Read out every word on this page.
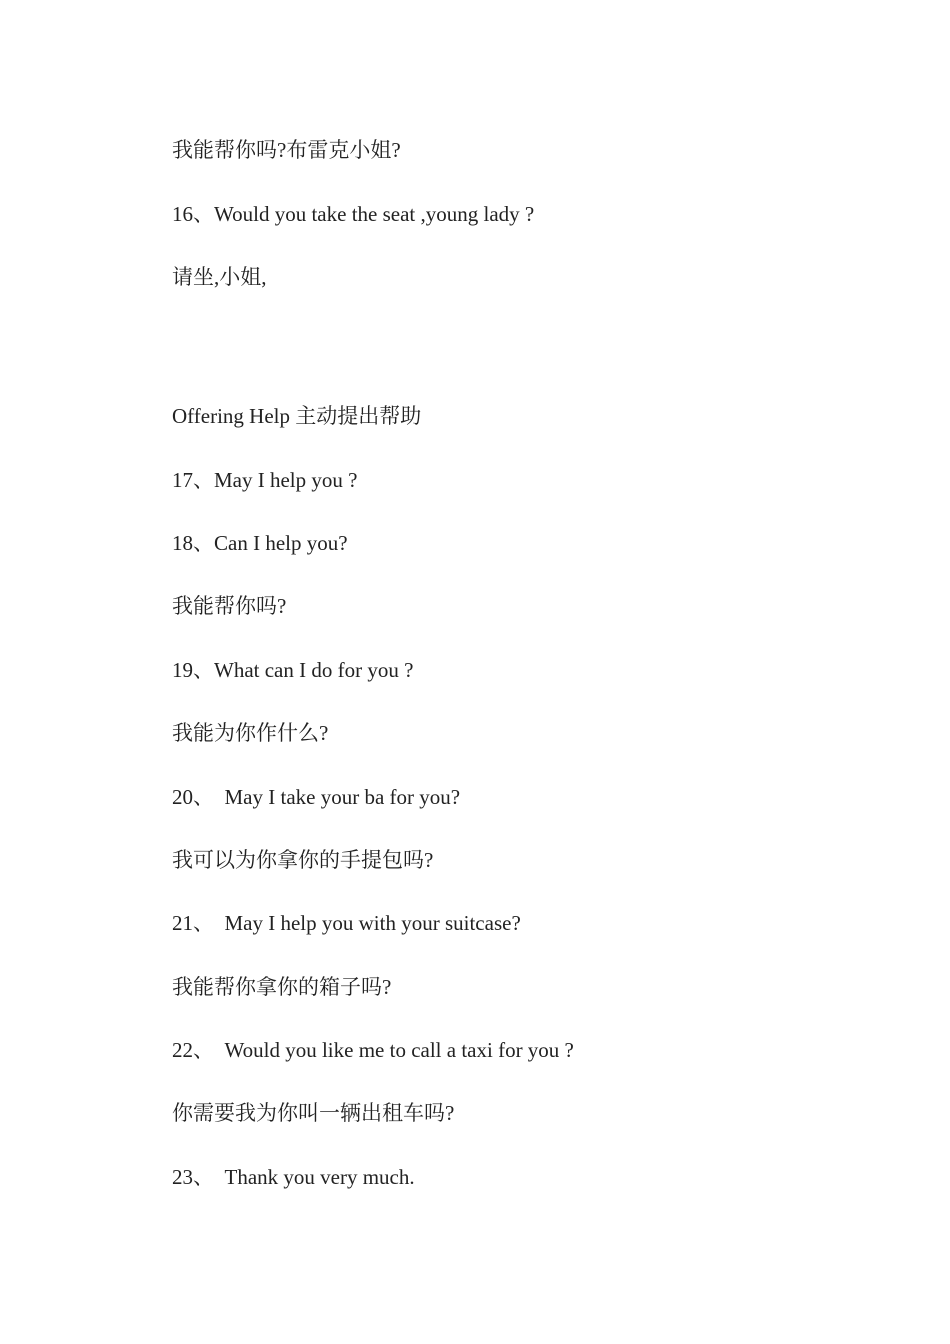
我能帮你吗?布雷克小姐?
16、Would you take the seat ,young lady ?
请坐,小姐,
Offering Help 主动提出帮助
17、May I help you ?
18、Can I help you?
我能帮你吗?
19、What can I do for you ?
我能为你作什么?
20、  May I take your ba for you?
我可以为你拿你的手提包吗?
21、  May I help you with your suitcase?
我能帮你拿你的箱子吗?
22、  Would you like me to call a taxi for you ?
你需要我为你叫一辆出租车吗?
23、  Thank you very much.
